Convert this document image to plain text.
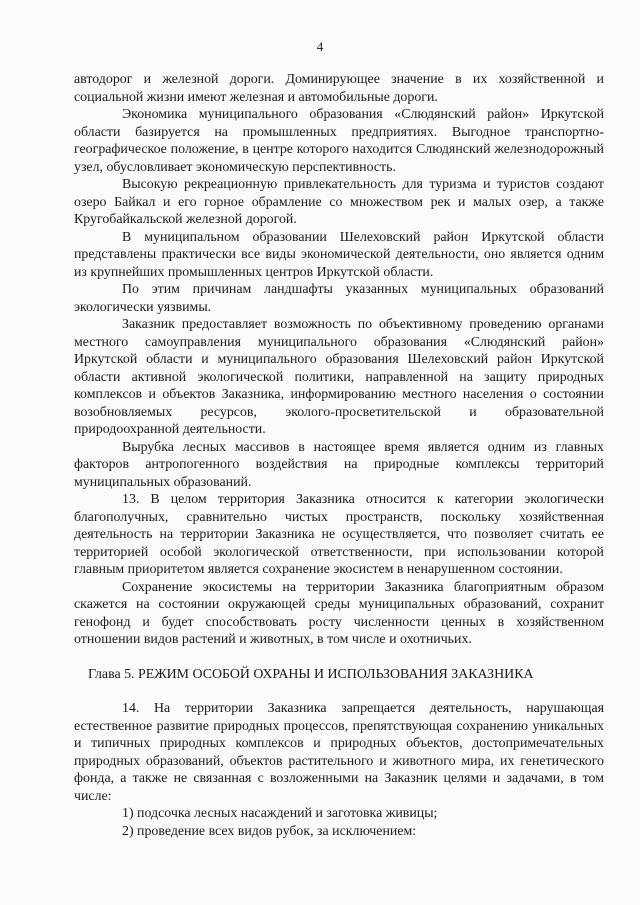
4

автодорог и железной дороги. Доминирующее значение в их хозяйственной и социальной жизни имеют железная и автомобильные дороги.

Экономика муниципального образования «Слюдянский район» Иркутской области базируется на промышленных предприятиях. Выгодное транспортно-географическое положение, в центре которого находится Слюдянский железнодорожный узел, обусловливает экономическую перспективность.

Высокую рекреационную привлекательность для туризма и туристов создают озеро Байкал и его горное обрамление со множеством рек и малых озер, а также Кругобайкальской железной дорогой.

В муниципальном образовании Шелеховский район Иркутской области представлены практически все виды экономической деятельности, оно является одним из крупнейших промышленных центров Иркутской области.

По этим причинам ландшафты указанных муниципальных образований экологически уязвимы.

Заказник предоставляет возможность по объективному проведению органами местного самоуправления муниципального образования «Слюдянский район» Иркутской области и муниципального образования Шелеховский район Иркутской области активной экологической политики, направленной на защиту природных комплексов и объектов Заказника, информированию местного населения о состоянии возобновляемых ресурсов, эколого-просветительской и образовательной природоохранной деятельности.

Вырубка лесных массивов в настоящее время является одним из главных факторов антропогенного воздействия на природные комплексы территорий муниципальных образований.

13. В целом территория Заказника относится к категории экологически благополучных, сравнительно чистых пространств, поскольку хозяйственная деятельность на территории Заказника не осуществляется, что позволяет считать ее территорией особой экологической ответственности, при использовании которой главным приоритетом является сохранение экосистем в ненарушенном состоянии.

Сохранение экосистемы на территории Заказника благоприятным образом скажется на состоянии окружающей среды муниципальных образований, сохранит генофонд и будет способствовать росту численности ценных в хозяйственном отношении видов растений и животных, в том числе и охотничьих.

Глава 5. РЕЖИМ ОСОБОЙ ОХРАНЫ И ИСПОЛЬЗОВАНИЯ ЗАКАЗНИКА

14. На территории Заказника запрещается деятельность, нарушающая естественное развитие природных процессов, препятствующая сохранению уникальных и типичных природных комплексов и природных объектов, достопримечательных природных образований, объектов растительного и животного мира, их генетического фонда, а также не связанная с возложенными на Заказник целями и задачами, в том числе:

1) подсочка лесных насаждений и заготовка живицы;

2) проведение всех видов рубок, за исключением:
